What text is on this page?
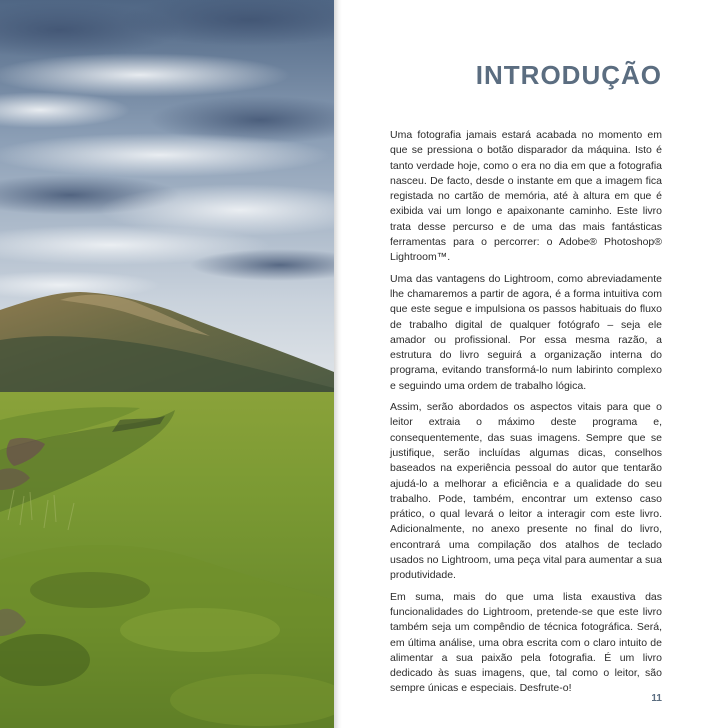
INTRODUÇÃO

Uma fotografia jamais estará acabada no momento em que se pressiona o botão disparador da máquina. Isto é tanto verdade hoje, como o era no dia em que a fotografia nasceu. De facto, desde o instante em que a imagem fica registada no cartão de memória, até à altura em que é exibida vai um longo e apaixonante caminho. Este livro trata desse percurso e de uma das mais fantásticas ferramentas para o percorrer: o Adobe® Photoshop® Lightroom™.

Uma das vantagens do Lightroom, como abreviadamente lhe chamaremos a partir de agora, é a forma intuitiva com que este segue e impulsiona os passos habituais do fluxo de trabalho digital de qualquer fotógrafo – seja ele amador ou profissional. Por essa mesma razão, a estrutura do livro seguirá a organização interna do programa, evitando transformá-lo num labirinto complexo e seguindo uma ordem de trabalho lógica.

Assim, serão abordados os aspectos vitais para que o leitor extraia o máximo deste programa e, consequentemente, das suas imagens. Sempre que se justifique, serão incluídas algumas dicas, conselhos baseados na experiência pessoal do autor que tentarão ajudá-lo a melhorar a eficiência e a qualidade do seu trabalho. Pode, também, encontrar um extenso caso prático, o qual levará o leitor a interagir com este livro. Adicionalmente, no anexo presente no final do livro, encontrará uma compilação dos atalhos de teclado usados no Lightroom, uma peça vital para aumentar a sua produtividade.

Em suma, mais do que uma lista exaustiva das funcionalidades do Lightroom, pretende-se que este livro também seja um compêndio de técnica fotográfica. Será, em última análise, uma obra escrita com o claro intuito de alimentar a sua paixão pela fotografia. É um livro dedicado às suas imagens, que, tal como o leitor, são sempre únicas e especiais. Desfrute-o!

11
